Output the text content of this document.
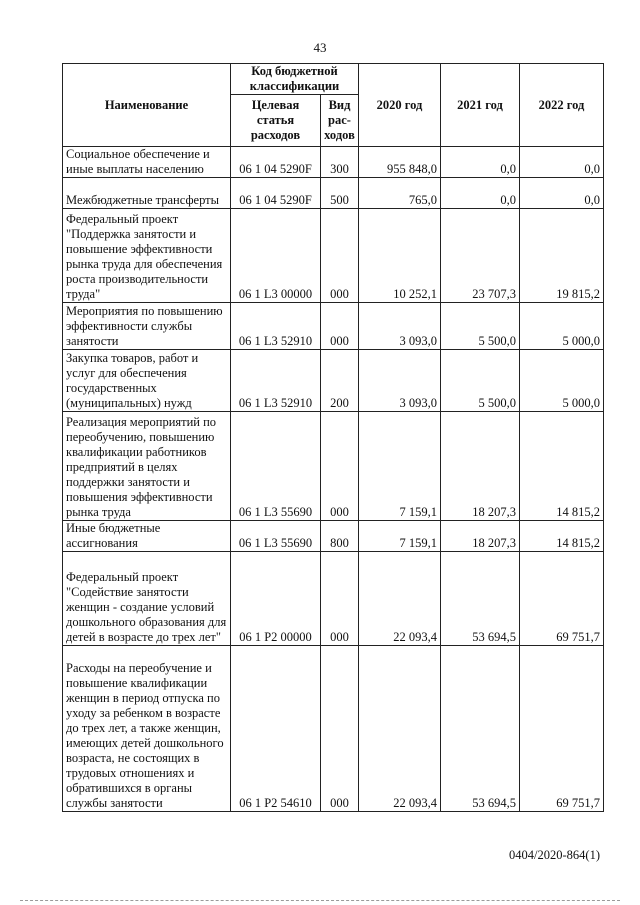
43
Наименование	Код бюджетной классификации		2020 год	2021 год	2022 год
	Целевая статья расходов	Вид рас-ходов			
Социальное обеспечение и иные выплаты населению	06 1 04 5290F	300	955 848,0	0,0	0,0
Межбюджетные трансферты	06 1 04 5290F	500	765,0	0,0	0,0
Федеральный проект "Поддержка занятости и повышение эффективности рынка труда для обеспечения роста производительности труда"	06 1 L3 00000	000	10 252,1	23 707,3	19 815,2
Мероприятия по повышению эффективности службы занятости	06 1 L3 52910	000	3 093,0	5 500,0	5 000,0
Закупка товаров, работ и услуг для обеспечения государственных (муниципальных) нужд	06 1 L3 52910	200	3 093,0	5 500,0	5 000,0
Реализация мероприятий по переобучению, повышению квалификации работников предприятий в целях поддержки занятости и повышения эффективности рынка труда	06 1 L3 55690	000	7 159,1	18 207,3	14 815,2
Иные бюджетные ассигнования	06 1 L3 55690	800	7 159,1	18 207,3	14 815,2
Федеральный проект "Содействие занятости женщин - создание условий дошкольного образования для детей в возрасте до трех лет"	06 1 P2 00000	000	22 093,4	53 694,5	69 751,7
Расходы на переобучение и повышение квалификации женщин в период отпуска по уходу за ребенком в возрасте до трех лет, а также женщин, имеющих детей дошкольного возраста, не состоящих в трудовых отношениях и обратившихся в органы службы занятости	06 1 P2 54610	000	22 093,4	53 694,5	69 751,7
0404/2020-864(1)
